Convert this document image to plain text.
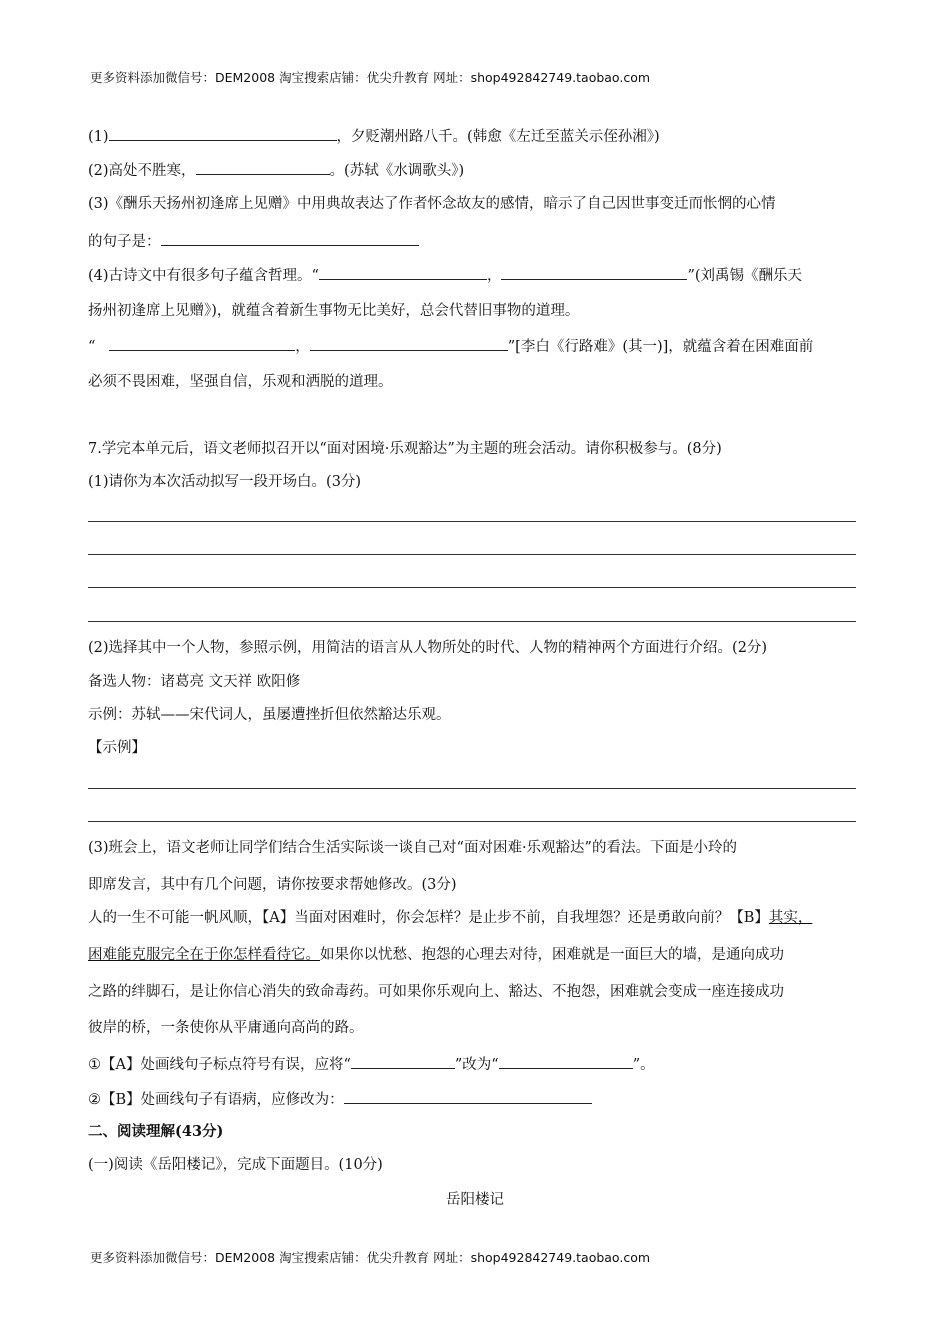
更多资料添加微信号：DEM2008 淘宝搜索店铺：优尖升教育 网址：shop492842749.taobao.com
(1)	，夕贬潮州路八千。(韩愈《左迁至蓝关示侄孙湘》)
(2)高处不胜寒，	。(苏轼《水调歌头》)
(3)《酬乐天扬州初逢席上见赠》中用典故表达了作者怀念故友的感情，暗示了自己因世事变迁而怅惘的心情
的句子是：
(4)古诗文中有很多句子蕴含哲理。“	，	”(刘禹锡《酬乐天
扬州初逢席上见赠》)，就蕴含着新生事物无比美好，总会代替旧事物的道理。
“	，	”[李白《行路难》(其一)]，就蕴含着在困难面前
必须不畏困难，坚强自信，乐观和洒脱的道理。
7.学完本单元后，语文老师拟召开以“面对困境·乐观豁达”为主题的班会活动。请你积极参与。(8分)
(1)请你为本次活动拟写一段开场白。(3分)
(2)选择其中一个人物，参照示例，用简洁的语言从人物所处的时代、人物的精神两个方面进行介绍。(2分)
备选人物：诸葛亮 文天祥 欧阳修
示例：苏轼——宋代词人，虽屡遭挫折但依然豁达乐观。
【示例】
(3)班会上，语文老师让同学们结合生活实际谈一谈自己对“面对困难·乐观豁达”的看法。下面是小玲的
即席发言，其中有几个问题，请你按要求帮她修改。(3分)
人的一生不可能一帆风顺，【A】当面对困难时，你会怎样？是止步不前，自我埋怨？还是勇敢向前？【B】其实，
困难能克服完全在于你怎样看待它。如果你以忧愁、抱怨的心理去对待，困难就是一面巨大的墙，是通向成功
之路的绊脚石，是让你信心消失的致命毒药。可如果你乐观向上、豁达、不抱怨，困难就会变成一座连接成功
彼岸的桥，一条使你从平庸通向高尚的路。
①【A】处画线句子标点符号有误，应将“	”改为“	”。
②【B】处画线句子有语病，应修改为：
二、阅读理解(43分)
(一)阅读《岳阳楼记》，完成下面题目。(10分)
岳阳楼记
更多资料添加微信号：DEM2008 淘宝搜索店铺：优尖升教育 网址：shop492842749.taobao.com
